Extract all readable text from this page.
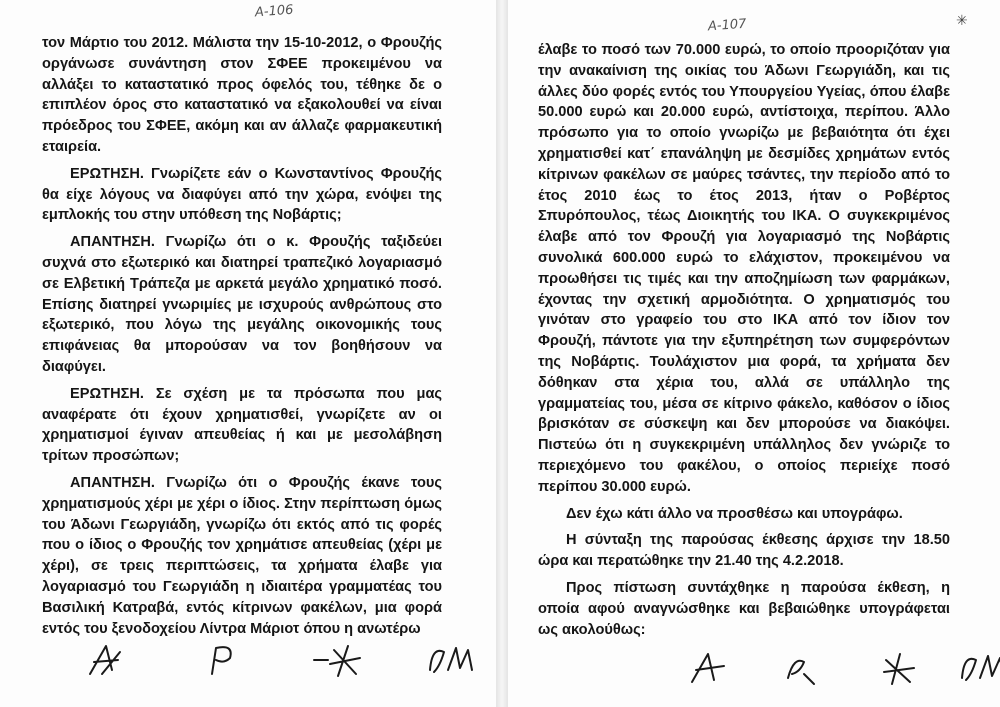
A-106

τον Μάρτιο του 2012. Μάλιστα την 15-10-2012, ο Φρουζής οργάνωσε συνάντηση στον ΣΦΕΕ προκειμένου να αλλάξει το καταστατικό προς όφελός του, τέθηκε δε ο επιπλέον όρος στο καταστατικό να εξακολουθεί να είναι πρόεδρος του ΣΦΕΕ, ακόμη και αν άλλαζε φαρμακευτική εταιρεία.

ΕΡΩΤΗΣΗ. Γνωρίζετε εάν ο Κωνσταντίνος Φρουζής θα είχε λόγους να διαφύγει από την χώρα, ενόψει της εμπλοκής του στην υπόθεση της Νοβάρτις;

ΑΠΑΝΤΗΣΗ. Γνωρίζω ότι ο κ. Φρουζής ταξιδεύει συχνά στο εξωτερικό και διατηρεί τραπεζικό λογαριασμό σε Ελβετική Τράπεζα με αρκετά μεγάλο χρηματικό ποσό. Επίσης διατηρεί γνωριμίες με ισχυρούς ανθρώπους στο εξωτερικό, που λόγω της μεγάλης οικονομικής τους επιφάνειας θα μπορούσαν να τον βοηθήσουν να διαφύγει.

ΕΡΩΤΗΣΗ. Σε σχέση με τα πρόσωπα που μας αναφέρατε ότι έχουν χρηματισθεί, γνωρίζετε αν οι χρηματισμοί έγιναν απευθείας ή και με μεσολάβηση τρίτων προσώπων;

ΑΠΑΝΤΗΣΗ. Γνωρίζω ότι ο Φρουζής έκανε τους χρηματισμούς χέρι με χέρι ο ίδιος. Στην περίπτωση όμως του Άδωνι Γεωργιάδη, γνωρίζω ότι εκτός από τις φορές που ο ίδιος ο Φρουζής τον χρημάτισε απευθείας (χέρι με χέρι), σε τρεις περιπτώσεις, τα χρήματα έλαβε για λογαριασμό του Γεωργιάδη η ιδιαιτέρα γραμματέας του Βασιλική Κατραβά, εντός κίτρινων φακέλων, μια φορά εντός του ξενοδοχείου Λίντρα Μάριοτ όπου η ανωτέρω

A-107	✳

έλαβε το ποσό των 70.000 ευρώ, το οποίο προοριζόταν για την ανακαίνιση της οικίας του Άδωνι Γεωργιάδη, και τις άλλες δύο φορές εντός του Υπουργείου Υγείας, όπου έλαβε 50.000 ευρώ και 20.000 ευρώ, αντίστοιχα, περίπου. Άλλο πρόσωπο για το οποίο γνωρίζω με βεβαιότητα ότι έχει χρηματισθεί κατ΄ επανάληψη με δεσμίδες χρημάτων εντός κίτρινων φακέλων σε μαύρες τσάντες, την περίοδο από το έτος 2010 έως το έτος 2013, ήταν ο Ροβέρτος Σπυρόπουλος, τέως Διοικητής του ΙΚΑ. Ο συγκεκριμένος έλαβε από τον Φρουζή για λογαριασμό της Νοβάρτις συνολικά 600.000 ευρώ το ελάχιστον, προκειμένου να προωθήσει τις τιμές και την αποζημίωση των φαρμάκων, έχοντας την σχετική αρμοδιότητα. Ο χρηματισμός του γινόταν στο γραφείο του στο ΙΚΑ από τον ίδιον τον Φρουζή, πάντοτε για την εξυπηρέτηση των συμφερόντων της Νοβάρτις. Τουλάχιστον μια φορά, τα χρήματα δεν δόθηκαν στα χέρια του, αλλά σε υπάλληλο της γραμματείας του, μέσα σε κίτρινο φάκελο, καθόσον ο ίδιος βρισκόταν σε σύσκεψη και δεν μπορούσε να διακόψει. Πιστεύω ότι η συγκεκριμένη υπάλληλος δεν γνώριζε το περιεχόμενο του φακέλου, ο οποίος περιείχε ποσό περίπου 30.000 ευρώ.

Δεν έχω κάτι άλλο να προσθέσω και υπογράφω.

Η σύνταξη της παρούσας έκθεσης άρχισε την 18.50 ώρα και περατώθηκε την 21.40 της 4.2.2018.

Προς πίστωση συντάχθηκε η παρούσα έκθεση, η οποία αφού αναγνώσθηκε και βεβαιώθηκε υπογράφεται ως ακολούθως:
